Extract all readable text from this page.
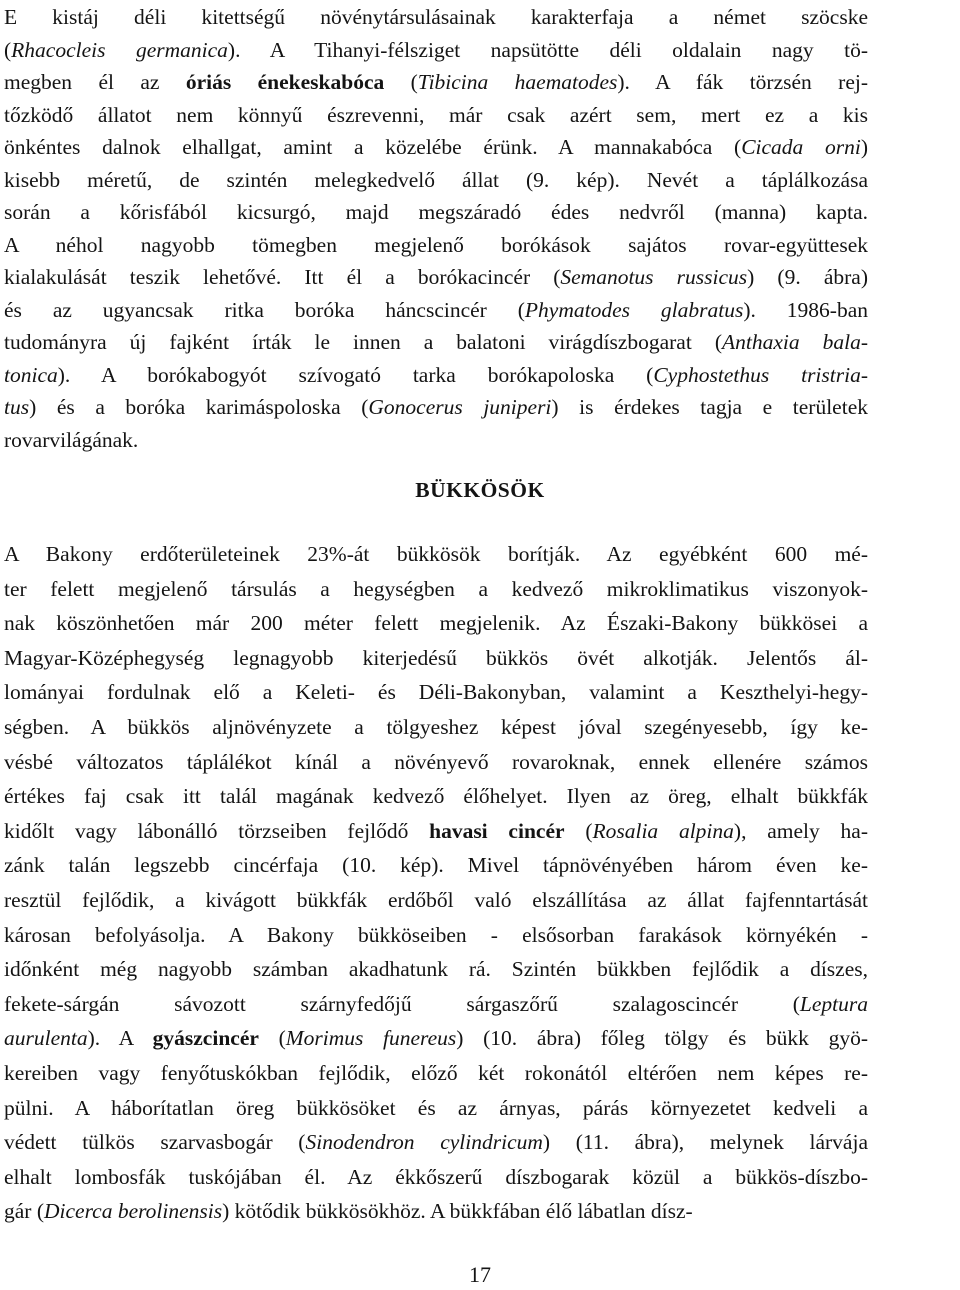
E kistáj déli kitettségű növénytársulásainak karakterfaja a német szöcske
(Rhacocleis germanica). A Tihanyi-félsziget napsütötte déli oldalain nagy tö-
megben él az óriás énekeskabóca (Tibicina haematodes). A fák törzsén rej-
tőzködő állatot nem könnyű észrevenni, már csak azért sem, mert ez a kis
önkéntes dalnok elhallgat, amint a közelébe érünk. A mannakabóca (Cicada orni)
kisebb méretű, de szintén melegkedvelő állat (9. kép). Nevét a táplálkozása
során a kőrisfából kicsurgó, majd megszáradó édes nedvről (manna) kapta.
A néhol nagyobb tömegben megjelenő borókások sajátos rovar-együttesek
kialakulását teszik lehetővé. Itt él a borókacincér (Semanotus russicus) (9. ábra)
és az ugyancsak ritka boróka háncscincér (Phymatodes glabratus). 1986-ban
tudományra új fajként írták le innen a balatoni virágdíszbogarat (Anthaxia bala-
tonica). A borókabogyót szívogató tarka borókapoloska (Cyphostethus tristria-
tus) és a boróka karimáspoloska (Gonocerus juniperi) is érdekes tagja e területek
rovarvilágának.
BÜKKÖSÖK
A Bakony erdőterületeinek 23%-át bükkösök borítják. Az egyébként 600 mé-
ter felett megjelenő társulás a hegységben a kedvező mikroklimatikus viszonyok-
nak köszönhetően már 200 méter felett megjelenik. Az Északi-Bakony bükkösei a
Magyar-Középhegység legnagyobb kiterjedésű bükkös övét alkotják. Jelentős ál-
lományai fordulnak elő a Keleti- és Déli-Bakonyban, valamint a Keszthelyi-hegy-
ségben. A bükkös aljnövényzete a tölgyeshez képest jóval szegényesebb, így ke-
vésbé változatos táplálékot kínál a növényevő rovaroknak, ennek ellenére számos
értékes faj csak itt talál magának kedvező élőhelyet. Ilyen az öreg, elhalt bükkfák
kidőlt vagy lábonálló törzseiben fejlődő havasi cincér (Rosalia alpina), amely ha-
zánk talán legszebb cincérfaja (10. kép). Mivel tápnövényében három éven ke-
resztül fejlődik, a kivágott bükkfák erdőből való elszállítása az állat fajfenntartását
károsan befolyásolja. A Bakony bükköseiben - elsősorban farakások környékén -
időnként még nagyobb számban akadhatunk rá. Szintén bükkben fejlődik a díszes,
fekete-sárgán sávozott szárnyfedőjű sárgaszőrű szalagoscincér (Leptura
aurulenta). A gyászcincér (Morimus funereus) (10. ábra) főleg tölgy és bükk gyö-
kereiben vagy fenyőtuskókban fejlődik, előző két rokonától eltérően nem képes re-
pülni. A háborítatlan öreg bükkösöket és az árnyas, párás környezetet kedveli a
védett tülkös szarvasbogár (Sinodendron cylindricum) (11. ábra), melynek lárvája
elhalt lombosfák tuskójában él. Az ékkőszerű díszbogarak közül a bükkös-díszbo-
gár (Dicerca berolinensis) kötődik bükkösökhöz. A bükkfában élő lábatlan dísz-
17
